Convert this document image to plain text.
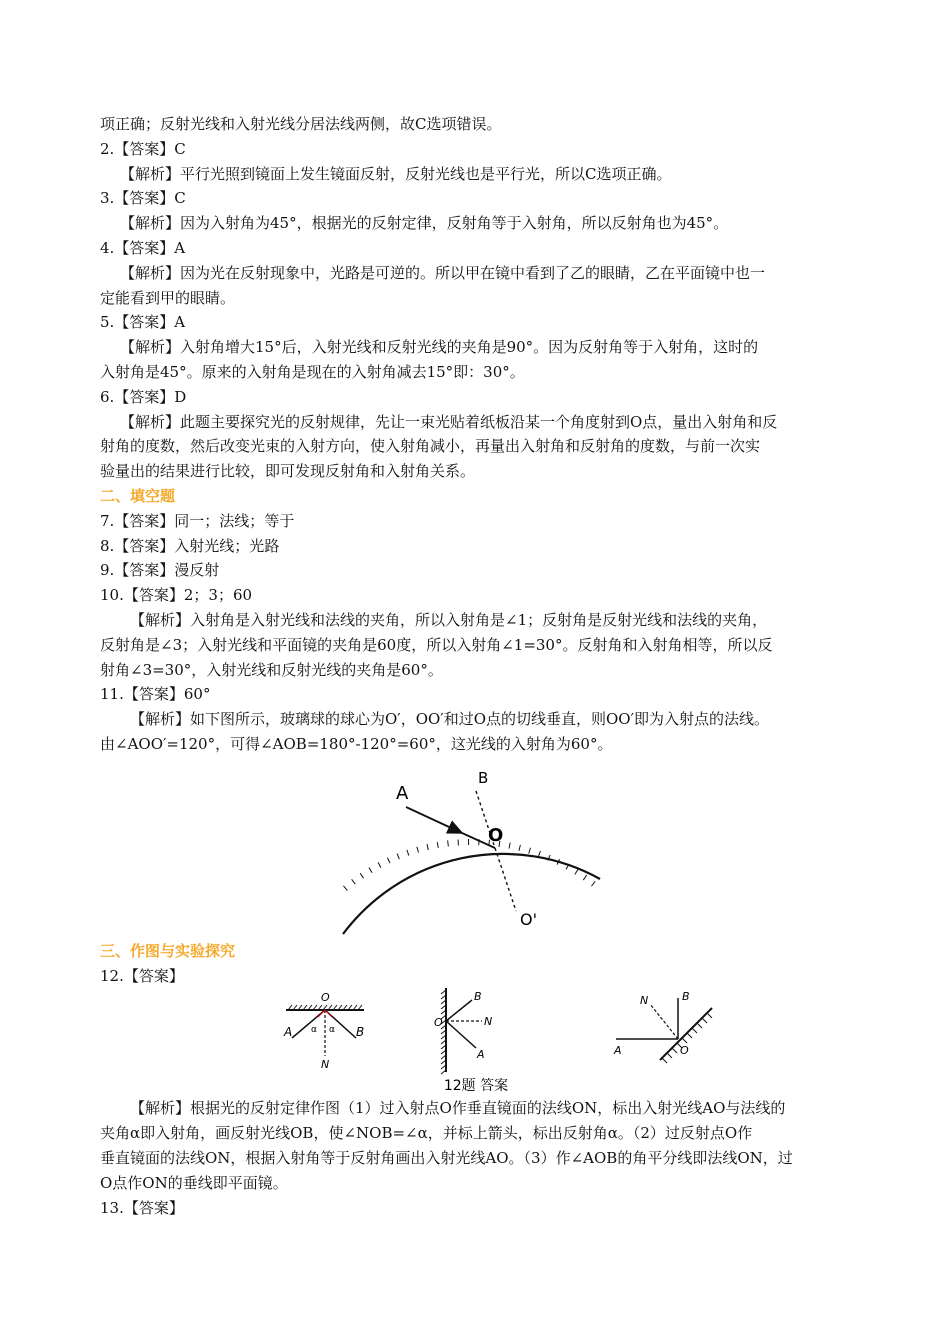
项正确；反射光线和入射光线分居法线两侧，故C选项错误。

2.【答案】C

【解析】平行光照到镜面上发生镜面反射，反射光线也是平行光，所以C选项正确。

3.【答案】C

【解析】因为入射角为45°，根据光的反射定律，反射角等于入射角，所以反射角也为45°。

4.【答案】A

【解析】因为光在反射现象中，光路是可逆的。所以甲在镜中看到了乙的眼睛，乙在平面镜中也一

定能看到甲的眼睛。

5.【答案】A

【解析】入射角增大15°后，入射光线和反射光线的夹角是90°。因为反射角等于入射角，这时的

入射角是45°。原来的入射角是现在的入射角减去15°即：30°。

6.【答案】D

【解析】此题主要探究光的反射规律，先让一束光贴着纸板沿某一个角度射到O点，量出入射角和反

射角的度数，然后改变光束的入射方向，使入射角减小，再量出入射角和反射角的度数，与前一次实

验量出的结果进行比较，即可发现反射角和入射角关系。

二、填空题

7.【答案】同一；法线；等于

8.【答案】入射光线；光路

9.【答案】漫反射

10.【答案】2；3；60

【解析】入射角是入射光线和法线的夹角，所以入射角是∠1；反射角是反射光线和法线的夹角，

反射角是∠3；入射光线和平面镜的夹角是60度，所以入射角∠1=30°。反射角和入射角相等，所以反

射角∠3=30°，入射光线和反射光线的夹角是60°。

11.【答案】60°

【解析】如下图所示，玻璃球的球心为O′，OO′和过O点的切线垂直，则OO′即为入射点的法线。

由∠AOO′=120°，可得∠AOB=180°-120°=60°，这光线的入射角为60°。

A
B
O
O'

三、作图与实验探究

12.【答案】

O
A	B
N
α α
O
B
N
A
N	B
A	O
12题 答案

【解析】根据光的反射定律作图（1）过入射点O作垂直镜面的法线ON，标出入射光线AO与法线的

夹角α即入射角，画反射光线OB，使∠NOB=∠α，并标上箭头，标出反射角α。（2）过反射点O作

垂直镜面的法线ON，根据入射角等于反射角画出入射光线AO。（3）作∠AOB的角平分线即法线ON，过

O点作ON的垂线即平面镜。

13.【答案】
